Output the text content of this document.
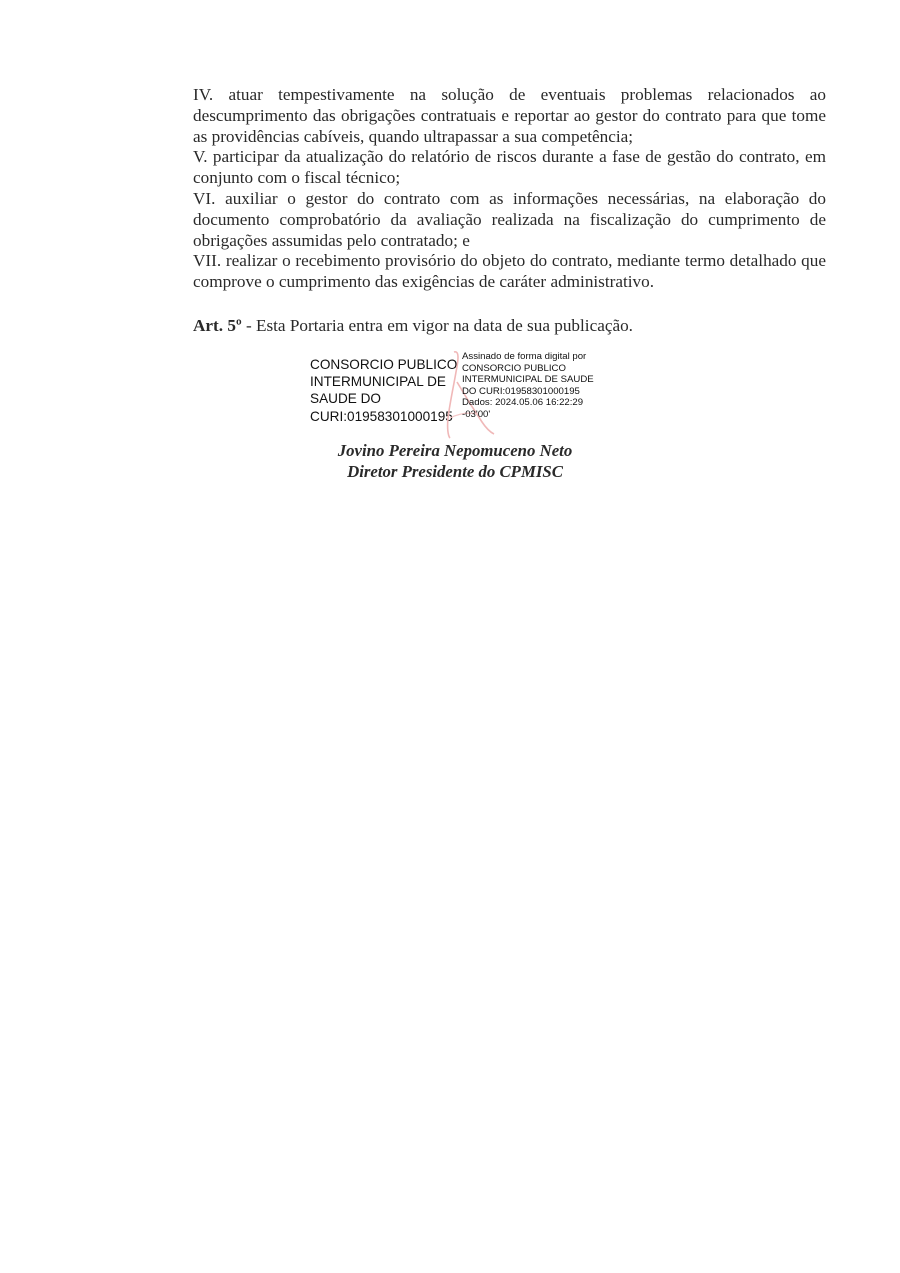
IV. atuar tempestivamente na solução de eventuais problemas relacionados ao descumprimento das obrigações contratuais e reportar ao gestor do contrato para que tome as providências cabíveis, quando ultrapassar a sua competência;

V. participar da atualização do relatório de riscos durante a fase de gestão do contrato, em conjunto com o fiscal técnico;

VI. auxiliar o gestor do contrato com as informações necessárias, na elaboração do documento comprobatório da avaliação realizada na fiscalização do cumprimento de obrigações assumidas pelo contratado; e

VII. realizar o recebimento provisório do objeto do contrato, mediante termo detalhado que comprove o cumprimento das exigências de caráter administrativo.

Art. 5º - Esta Portaria entra em vigor na data de sua publicação.

CONSORCIO PUBLICO
INTERMUNICIPAL DE
SAUDE DO
CURI:01958301000195
Assinado de forma digital por
CONSORCIO PUBLICO
INTERMUNICIPAL DE SAUDE
DO CURI:01958301000195
Dados: 2024.05.06 16:22:29
-03'00'
Jovino Pereira Nepomuceno Neto
Diretor Presidente do CPMISC
